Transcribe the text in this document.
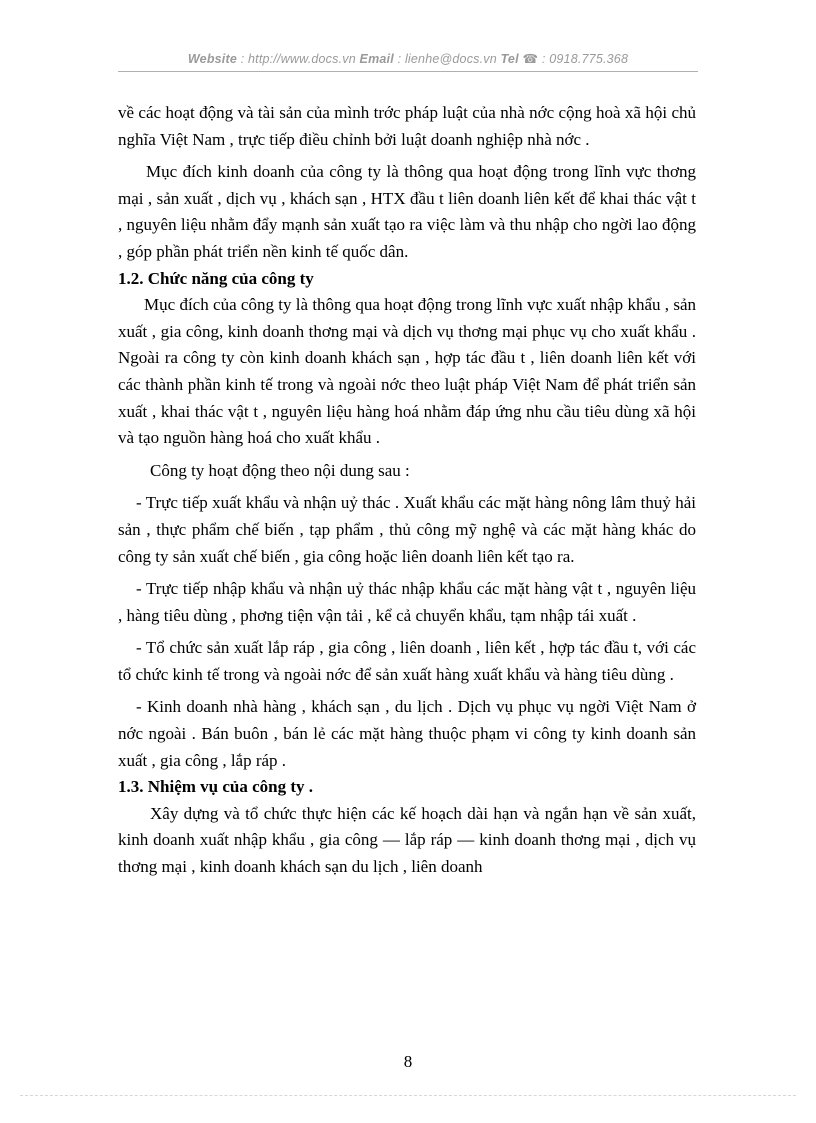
Website : http://www.docs.vn Email : lienhe@docs.vn Tel ☎ : 0918.775.368

về các hoạt động và tài sản của mình trớc pháp luật của nhà nớc cộng hoà xã hội chủ nghĩa Việt Nam , trực tiếp điều chỉnh bởi luật doanh nghiệp nhà nớc .

Mục đích kinh doanh của công ty là thông qua hoạt động trong lĩnh vực thơng mại , sản xuất , dịch vụ , khách sạn , HTX đầu t liên doanh liên kết để khai thác vật t , nguyên liệu nhằm đẩy mạnh sản xuất tạo ra việc làm và thu nhập cho ngời lao động , góp phần phát triển nền kinh tế quốc dân.

1.2. Chức năng của công ty

Mục đích của công ty là thông qua hoạt động trong lĩnh vực xuất nhập khẩu , sản xuất , gia công, kinh doanh thơng mại và dịch vụ thơng mại phục vụ cho xuất khẩu . Ngoài ra công ty còn kinh doanh khách sạn , hợp tác đầu t , liên doanh liên kết với các thành phần kinh tế trong và ngoài nớc theo luật pháp Việt Nam để phát triển sản xuất , khai thác vật t , nguyên liệu hàng hoá nhằm đáp ứng nhu cầu tiêu dùng xã hội và tạo nguồn hàng hoá cho xuất khẩu .

Công ty hoạt động theo nội dung sau :

- Trực tiếp xuất khẩu và nhận uỷ thác . Xuất khẩu các mặt hàng nông lâm thuỷ hải sản , thực phẩm chế biến , tạp phẩm , thủ công mỹ nghệ và các mặt hàng khác do công ty sản xuất chế biến , gia công hoặc liên doanh liên kết tạo ra.

- Trực tiếp nhập khẩu và nhận uỷ thác nhập khẩu các mặt hàng vật t , nguyên liệu , hàng tiêu dùng , phơng tiện vận tải , kể cả chuyển khẩu, tạm nhập tái xuất .

- Tổ chức sản xuất lắp ráp , gia công , liên doanh , liên kết , hợp tác đầu t, với các tổ chức kinh tế trong và ngoài nớc để sản xuất hàng xuất khẩu và hàng tiêu dùng .

- Kinh doanh nhà hàng , khách sạn , du lịch . Dịch vụ phục vụ ngời Việt Nam ở nớc ngoài . Bán buôn , bán lẻ các mặt hàng thuộc phạm vi công ty kinh doanh sản xuất , gia công , lắp ráp .

1.3. Nhiệm vụ của công ty .

Xây dựng và tổ chức thực hiện các kế hoạch dài hạn và ngắn hạn về sản xuất, kinh doanh xuất nhập khẩu , gia công — lắp ráp — kinh doanh thơng mại , dịch vụ thơng mại , kinh doanh khách sạn du lịch , liên doanh

8
